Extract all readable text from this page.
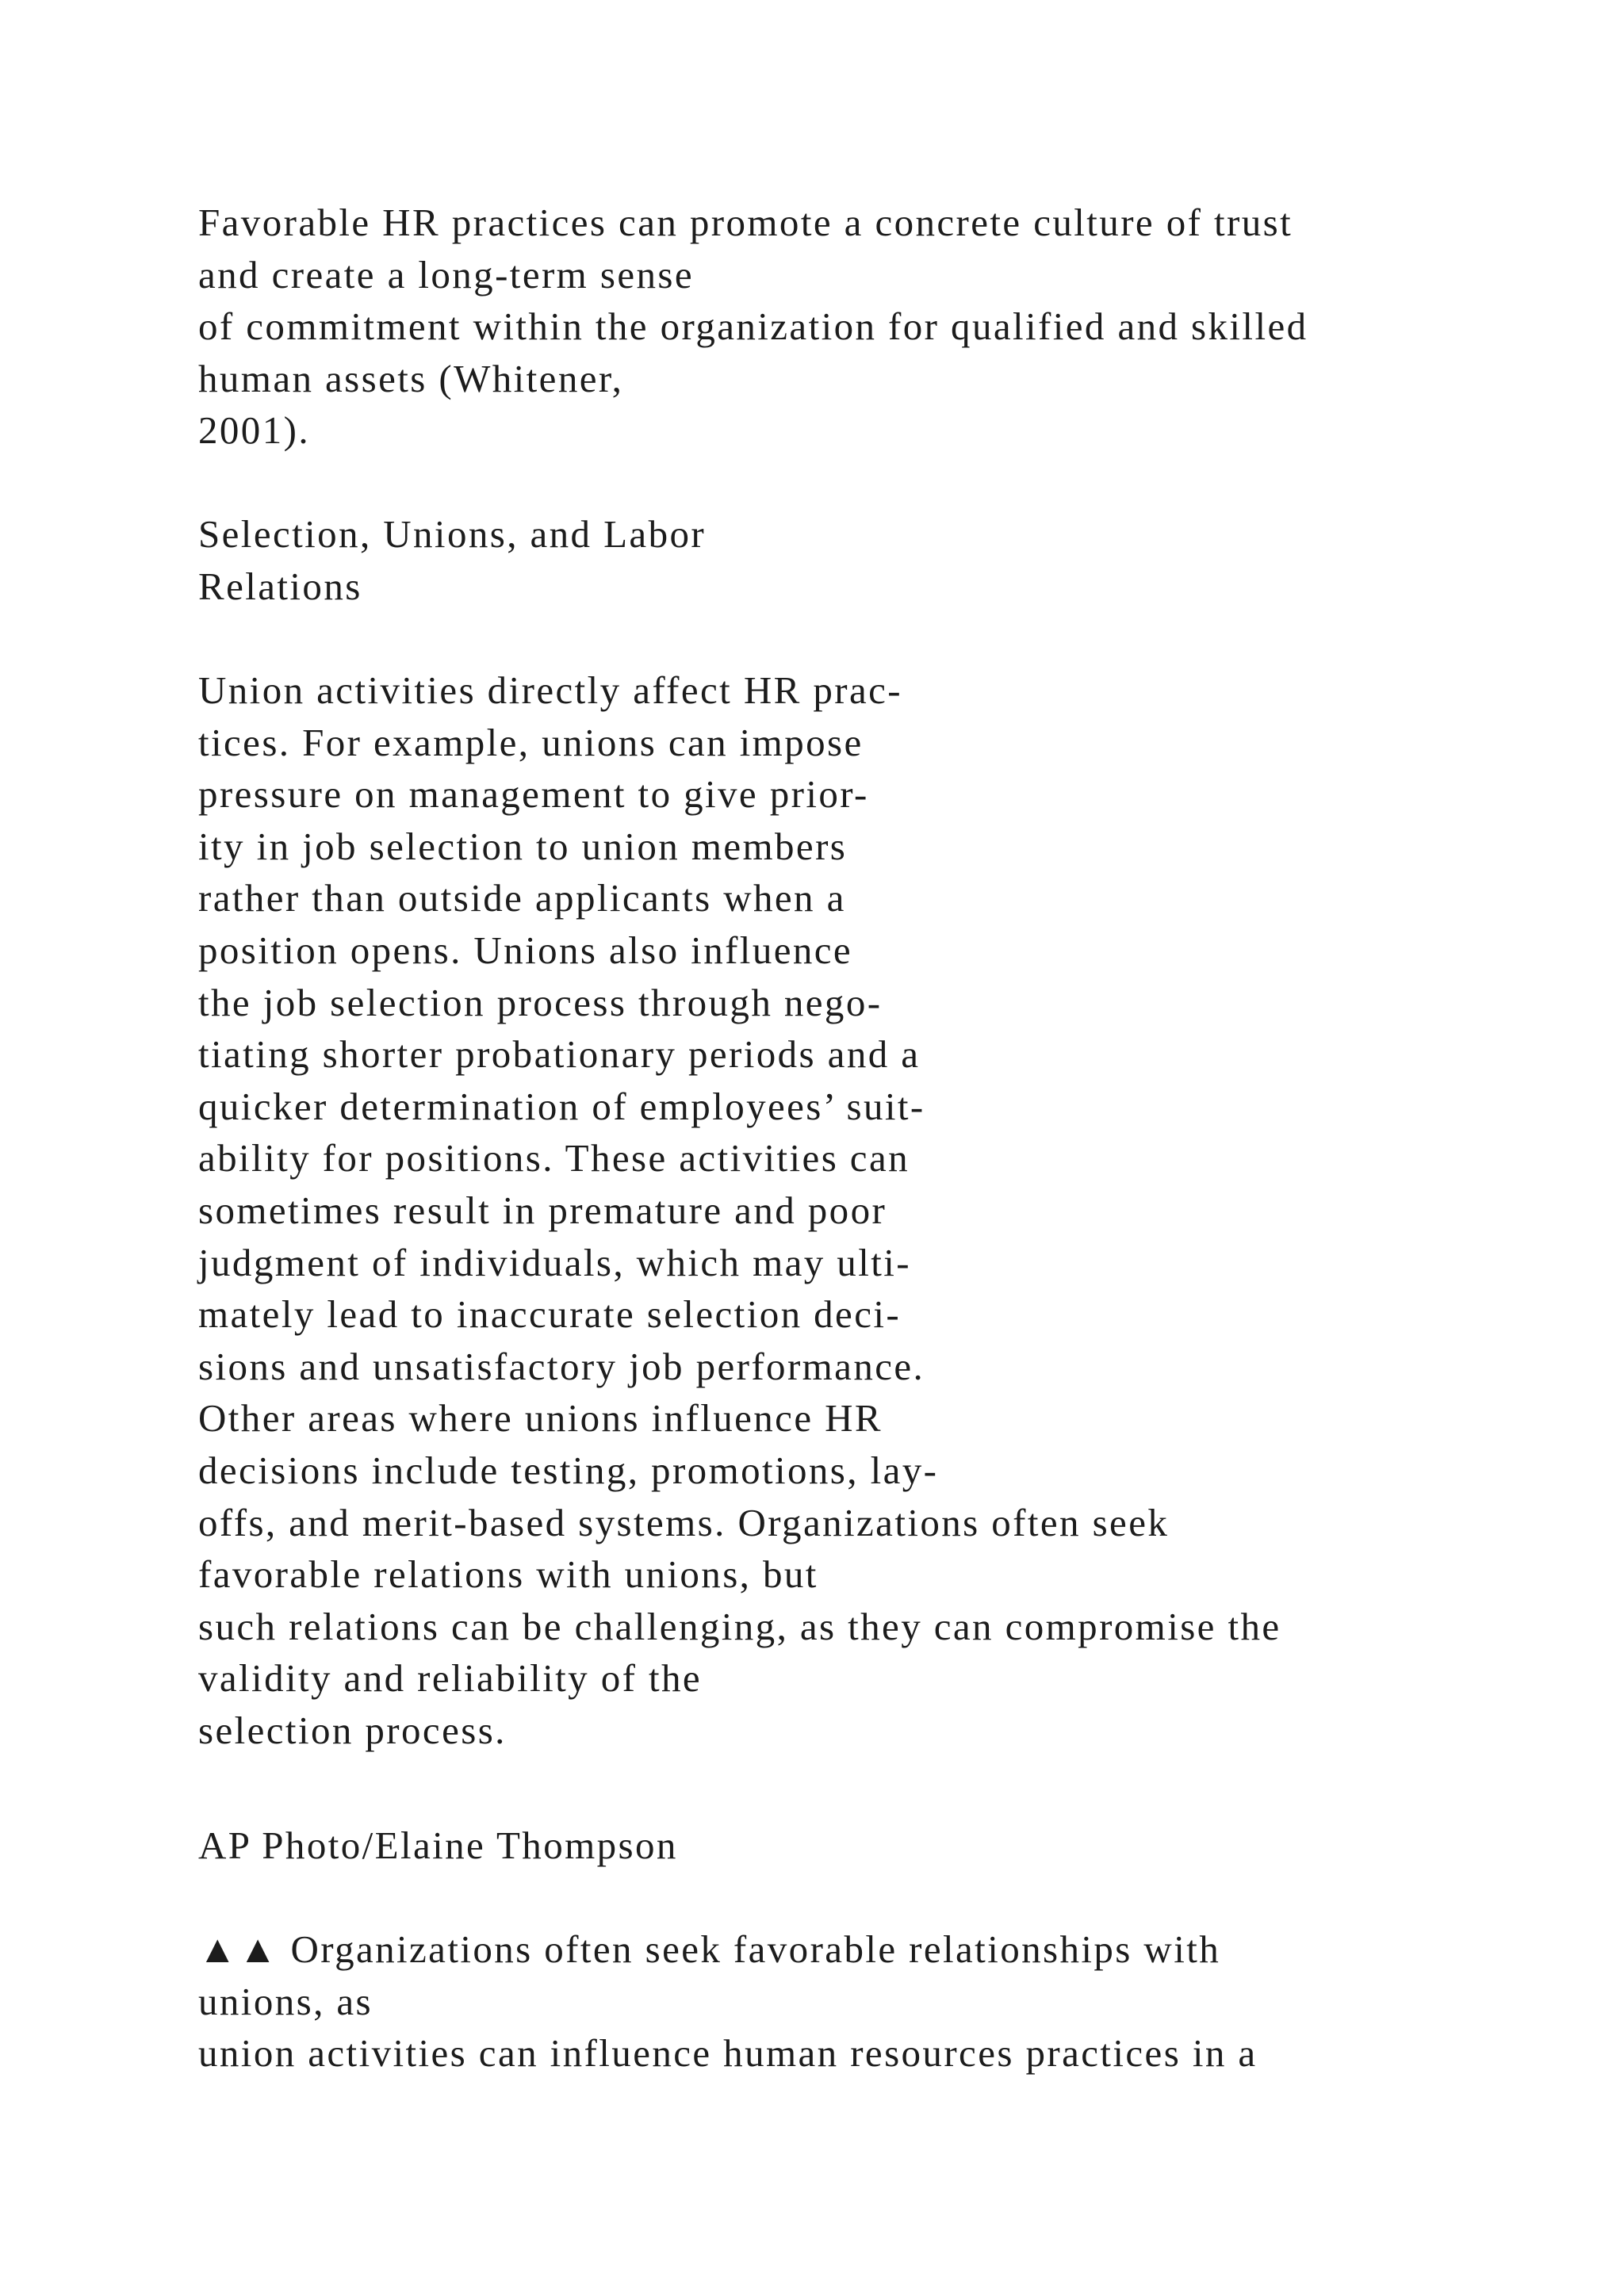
Favorable HR practices can promote a concrete culture of trust
and create a long-term sense
of commitment within the organization for qualified and skilled
human assets (Whitener,
2001).
Selection, Unions, and Labor
Relations
Union activities directly affect HR prac-
tices. For example, unions can impose
pressure on management to give prior-
ity in job selection to union members
rather than outside applicants when a
position opens. Unions also influence
the job selection process through nego-
tiating shorter probationary periods and a
quicker determination of employees’ suit-
ability for positions. These activities can
sometimes result in premature and poor
judgment of individuals, which may ulti-
mately lead to inaccurate selection deci-
sions and unsatisfactory job performance.
Other areas where unions influence HR
decisions include testing, promotions, lay-
offs, and merit-based systems. Organizations often seek
favorable relations with unions, but
such relations can be challenging, as they can compromise the
validity and reliability of the
selection process.
AP Photo/Elaine Thompson
▲▲ Organizations often seek favorable relationships with
unions, as
union activities can influence human resources practices in a
